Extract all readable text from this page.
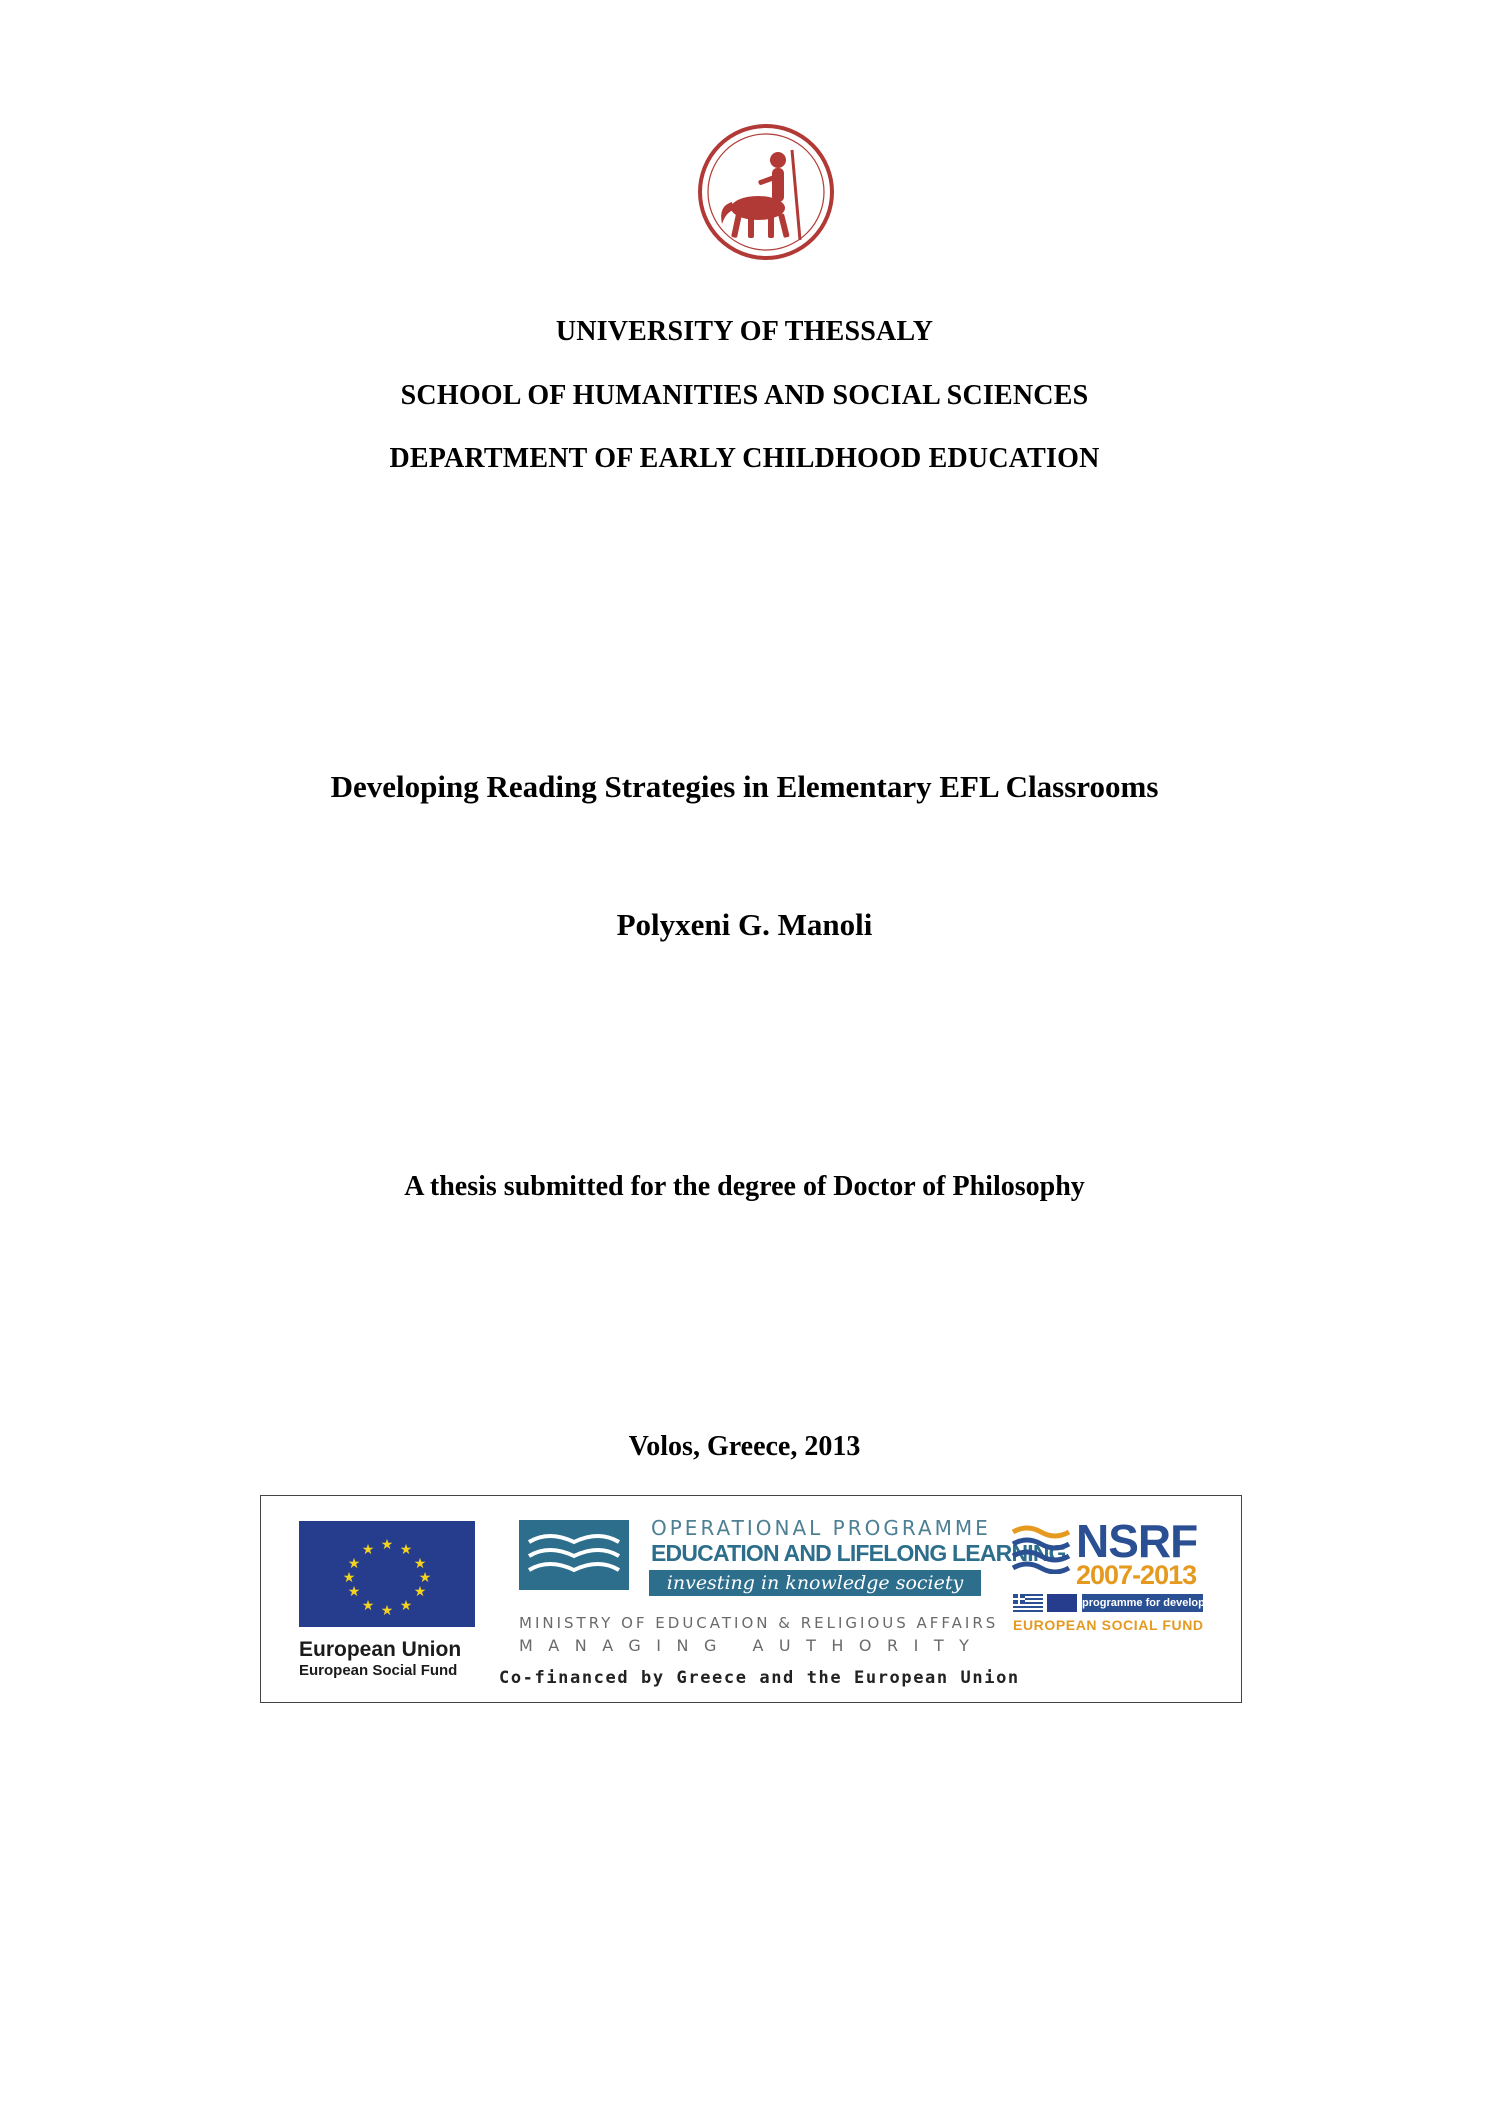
UNIVERSITY OF THESSALY
SCHOOL OF HUMANITIES AND SOCIAL SCIENCES
DEPARTMENT OF EARLY CHILDHOOD EDUCATION
Developing Reading Strategies in Elementary EFL Classrooms
Polyxeni G. Manoli
A thesis submitted for the degree of Doctor of Philosophy
Volos, Greece, 2013
★ ★
★
★
★
★
★
★
★
★
★
★
European Union
European Social Fund
OPERATIONAL PROGRAMME
EDUCATION AND LIFELONG LEARNING
investing in knowledge society
MINISTRY OF EDUCATION & RELIGIOUS AFFAIRS
MANAGING AUTHORITY
Co-financed by Greece and the European Union
NSRF
2007-2013
programme for development
EUROPEAN SOCIAL FUND
